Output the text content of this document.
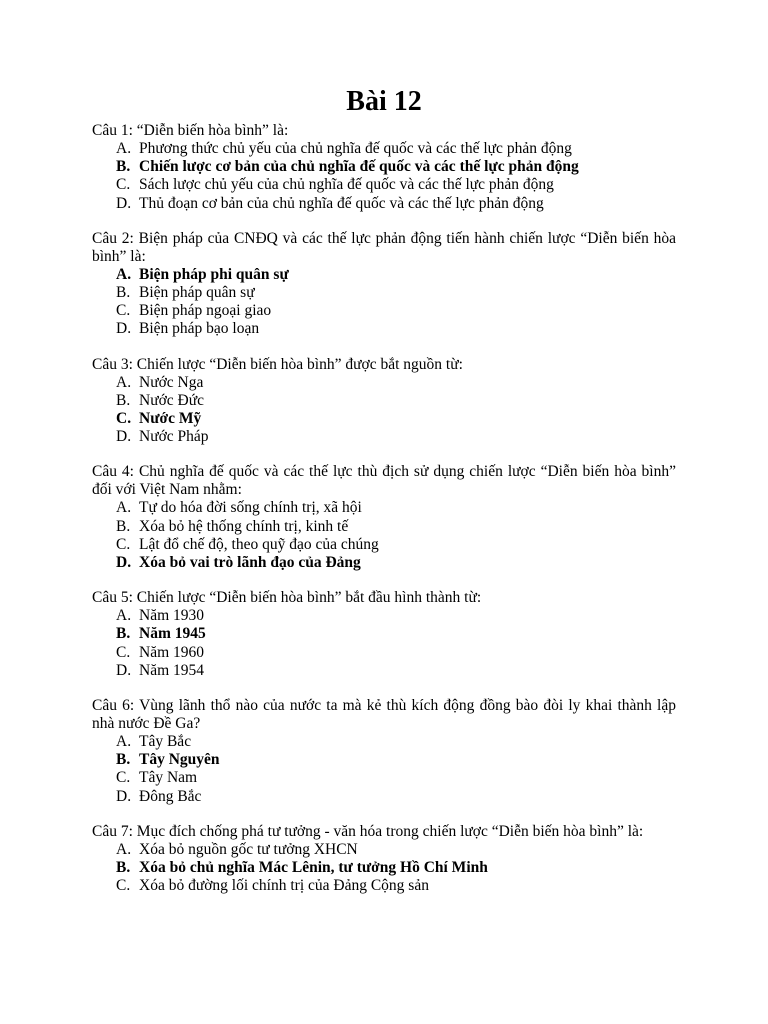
Bài 12

Câu 1: “Diễn biến hòa bình” là:

A. Phương thức chủ yếu của chủ nghĩa đế quốc và các thế lực phản động
B. Chiến lược cơ bản của chủ nghĩa đế quốc và các thế lực phản động
C. Sách lược chủ yếu của chủ nghĩa đế quốc và các thế lực phản động
D. Thủ đoạn cơ bản của chủ nghĩa đế quốc và các thế lực phản động

Câu 2: Biện pháp của CNĐQ và các thế lực phản động tiến hành chiến lược “Diễn biến hòa bình” là:

A. Biện pháp phi quân sự
B. Biện pháp quân sự
C. Biện pháp ngoại giao
D. Biện pháp bạo loạn

Câu 3: Chiến lược “Diễn biến hòa bình” được bắt nguồn từ:

A. Nước Nga
B. Nước Đức
C. Nước Mỹ
D. Nước Pháp

Câu 4: Chủ nghĩa đế quốc và các thế lực thù địch sử dụng chiến lược “Diễn biến hòa bình” đối với Việt Nam nhằm:

A. Tự do hóa đời sống chính trị, xã hội
B. Xóa bỏ hệ thống chính trị, kinh tế
C. Lật đổ chế độ, theo quỹ đạo của chúng
D. Xóa bỏ vai trò lãnh đạo của Đảng

Câu 5: Chiến lược “Diễn biến hòa bình” bắt đầu hình thành từ:

A. Năm 1930
B. Năm 1945
C. Năm 1960
D. Năm 1954

Câu 6: Vùng lãnh thổ nào của nước ta mà kẻ thù kích động đồng bào đòi ly khai thành lập nhà nước Đề Ga?

A. Tây Bắc
B. Tây Nguyên
C. Tây Nam
D. Đông Bắc

Câu 7: Mục đích chống phá tư tưởng - văn hóa trong chiến lược “Diễn biến hòa bình” là:

A. Xóa bỏ nguồn gốc tư tưởng XHCN
B. Xóa bỏ chủ nghĩa Mác Lênin, tư tưởng Hồ Chí Minh
C. Xóa bỏ đường lối chính trị của Đảng Cộng sản
